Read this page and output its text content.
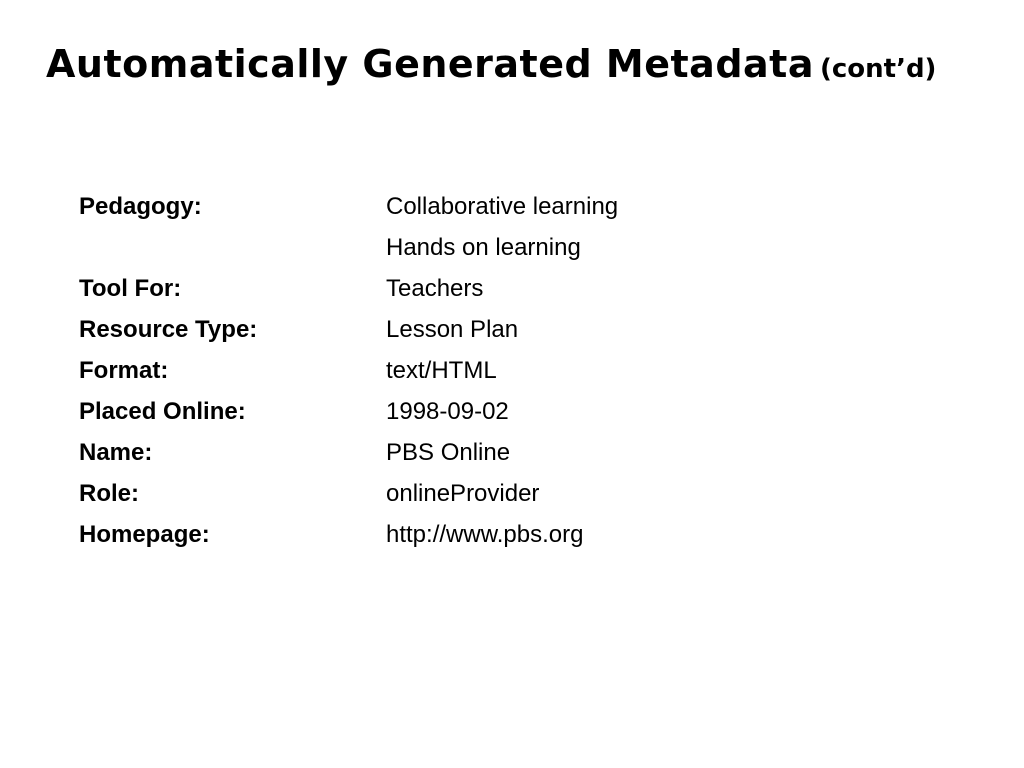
Automatically Generated Metadata (cont’d)
Pedagogy:	Collaborative learning
Hands on learning
Tool For:	Teachers
Resource Type:	Lesson Plan
Format:	text/HTML
Placed Online:	1998-09-02
Name:	PBS Online
Role:	onlineProvider
Homepage:	http://www.pbs.org
